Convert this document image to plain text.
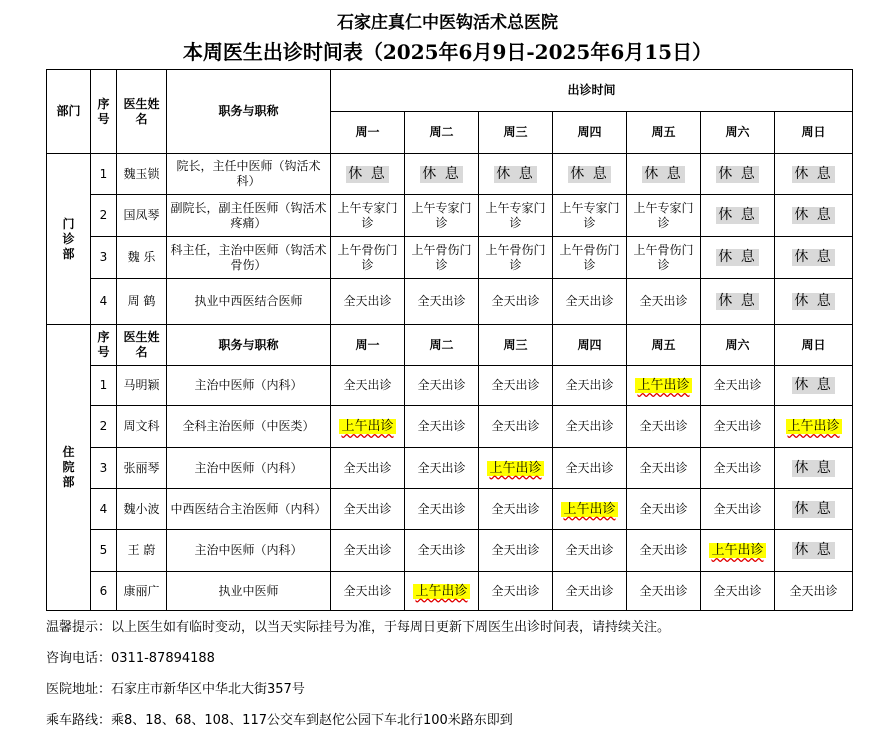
石家庄真仁中医钩活术总医院
本周医生出诊时间表（2025年6月9日-2025年6月15日）
部门	序号	医生姓名	职务与职称	出诊时间						
				周一	周二	周三	周四	周五	周六	周日

门
诊
部	1	魏玉锁	院长，主任中医师（钩活术科）	休 息	休 息	休 息	休 息	休 息	休 息	休 息
	2	国凤琴	副院长，副主任医师（钩活术 疼痛）	上午专家门诊	上午专家门诊	上午专家门诊	上午专家门诊	上午专家门诊	休 息	休 息
	3	魏 乐	科主任，主治中医师（钩活术骨伤）	上午骨伤门诊	上午骨伤门诊	上午骨伤门诊	上午骨伤门诊	上午骨伤门诊	休 息	休 息
	4	周 鹤	执业中西医结合医师	全天出诊	全天出诊	全天出诊	全天出诊	全天出诊	休 息	休 息

住
院
部	序号	医生姓名	职务与职称	周一	周二	周三	周四	周五	周六	周日
	1	马明颖	主治中医师（内科）	全天出诊	全天出诊	全天出诊	全天出诊	上午出诊	全天出诊	休 息
	2	周文科	全科主治医师（中医类）	上午出诊	全天出诊	全天出诊	全天出诊	全天出诊	全天出诊	上午出诊
	3	张丽琴	主治中医师（内科）	全天出诊	全天出诊	上午出诊	全天出诊	全天出诊	全天出诊	休 息
	4	魏小波	中西医结合主治医师（内科）	全天出诊	全天出诊	全天出诊	上午出诊	全天出诊	全天出诊	休 息
	5	王 蔚	主治中医师（内科）	全天出诊	全天出诊	全天出诊	全天出诊	全天出诊	上午出诊	休 息
	6	康丽广	执业中医师	全天出诊	上午出诊	全天出诊	全天出诊	全天出诊	全天出诊	全天出诊
温馨提示：以上医生如有临时变动，以当天实际挂号为准，于每周日更新下周医生出诊时间表，请持续关注。
咨询电话：0311-87894188
医院地址：石家庄市新华区中华北大街357号
乘车路线：乘8、18、68、108、117公交车到赵佗公园下车北行100米路东即到
